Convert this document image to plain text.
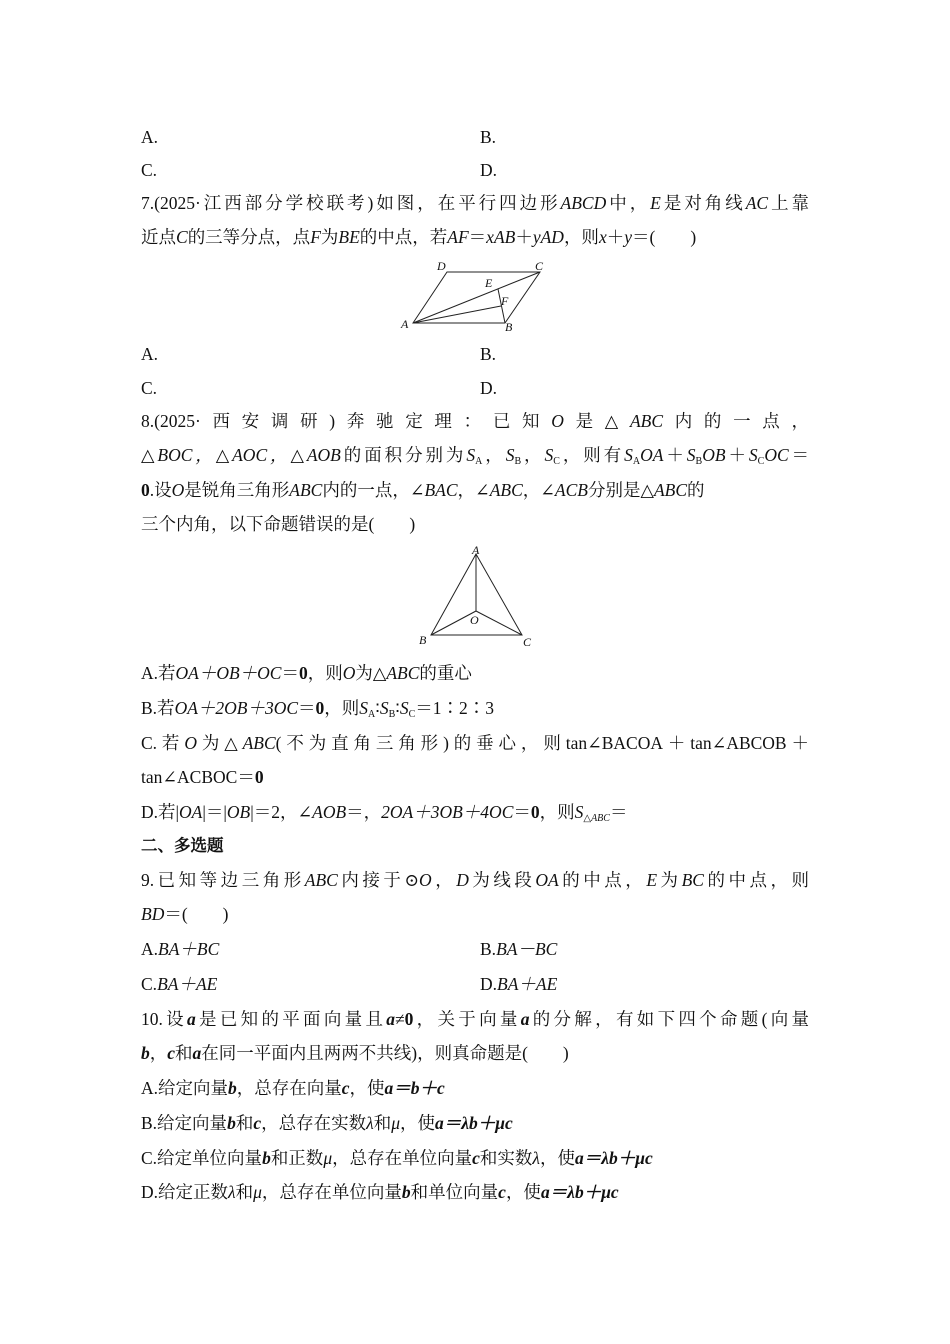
A.	B.
C.	D.
7.(2025·江西部分学校联考)如图，在平行四边形ABCD中，E是对角线AC上靠
近点C的三等分点，点F为BE的中点，若AF＝xAB＋yAD，则x＋y＝(　　)
A	B
C
D
E
F
A.	B.
C.	D.
8.(2025·西安调研)奔驰定理：已知O是△ABC内的一点，
△BOC，△AOC，△AOB的面积分别为$S_A$，$S_B$，$S_C$，则有$S_AOA+S_BOB+S_COC=$
0.设O是锐角三角形ABC内的一点，∠BAC，∠ABC，∠ACB分别是△ABC的
三个内角，以下命题错误的是(　　)
A
B	C
O
A.若OA＋OB＋OC＝0，则O为△ABC的重心
B.若OA＋2OB＋3OC＝0，则$S_A∶S_B∶S_C=1∶2∶3$
C.若O为△ABC(不为直角三角形)的垂心，则tan∠BACOA＋tan∠ABCOB＋
tan∠ACBOC＝0
D.若|OA|＝|OB|＝2，∠AOB＝，2OA＋3OB＋4OC＝0，则$S_{\triangle ABC}=$
二、多选题
9.已知等边三角形ABC内接于⊙O，D为线段OA的中点，E为BC的中点，则
BD＝(　　)
A.BA＋BC	B.BA－BC
C.BA＋AE	D.BA＋AE
10.设a是已知的平面向量且a≠0，关于向量a的分解，有如下四个命题(向量
b，c和a在同一平面内且两两不共线)，则真命题是(　　)
A.给定向量b，总存在向量c，使a＝b＋c
B.给定向量b和c，总存在实数λ和μ，使a＝λb＋μc
C.给定单位向量b和正数μ，总存在单位向量c和实数λ，使a＝λb＋μc
D.给定正数λ和μ，总存在单位向量b和单位向量c，使a＝λb＋μc
